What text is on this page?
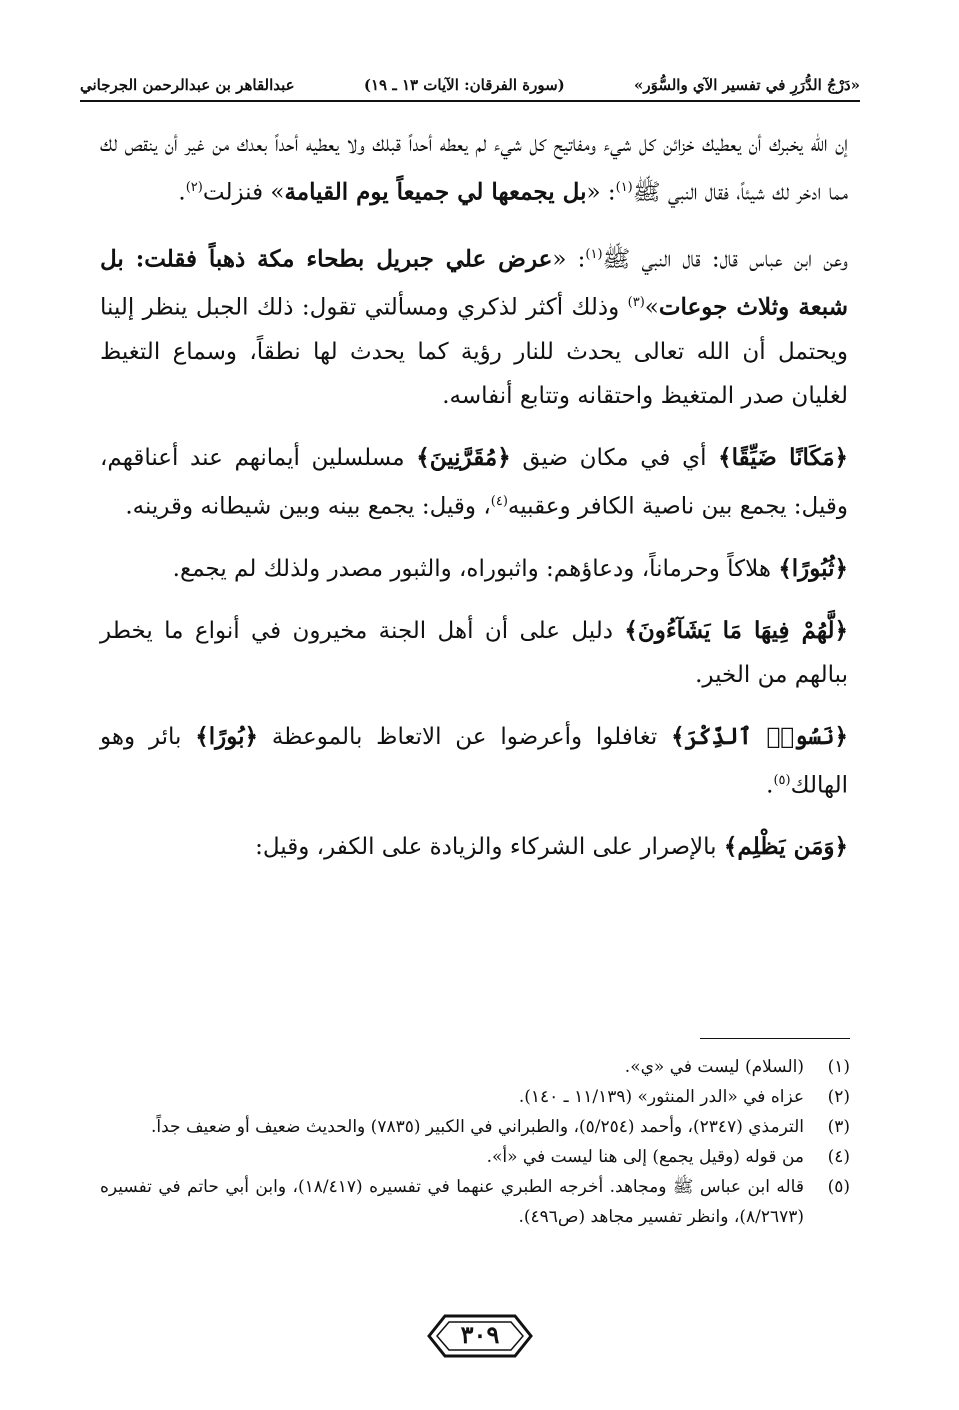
«دَرْجُ الدُّرَرِ في تفسير الآي والسُّوَر»
(سورة الفرقان: الآيات ١٣ ـ ١٩)
عبدالقاهر بن عبدالرحمن الجرجاني

إن الله يخبرك أن يعطيك خزائن كل شيء ومفاتيح كل شيء لم يعطه أحداً قبلك ولا يعطيه أحداً بعدك من غير أن ينقص لك مما ادخر لك شيئاً، فقال النبي ﷺ$^{(١)}$: «بل يجمعها لي جميعاً يوم القيامة» فنزلت$^{(٢)}$.

وعن ابن عباس قال: قال النبي ﷺ$^{(١)}$: «عرض علي جبريل بطحاء مكة ذهباً فقلت: بل شبعة وثلاث جوعات»$^{(٣)}$ وذلك أكثر لذكري ومسألتي تقول: ذلك الجبل ينظر إلينا ويحتمل أن الله تعالى يحدث للنار رؤية كما يحدث لها نطقاً، وسماع التغيظ لغليان صدر المتغيظ واحتقانه وتتابع أنفاسه.

﴿مَكَانًا ضَيِّقًا﴾ أي في مكان ضيق ﴿مُقَرَّنِينَ﴾ مسلسلين أيمانهم عند أعناقهم، وقيل: يجمع بين ناصية الكافر وعقبيه$^{(٤)}$، وقيل: يجمع بينه وبين شيطانه وقرينه.

﴿ثُبُورًا﴾ هلاكاً وحرماناً، ودعاؤهم: واثبوراه، والثبور مصدر ولذلك لم يجمع.

﴿لَّهُمْ فِيهَا مَا يَشَآءُونَ﴾ دليل على أن أهل الجنة مخيرون في أنواع ما يخطر ببالهم من الخير.

﴿نَسُوا۟ ٱلذِّكْرَ﴾ تغافلوا وأعرضوا عن الاتعاظ بالموعظة ﴿بُورًا﴾ بائر وهو الهالك$^{(٥)}$.

﴿وَمَن يَظْلِم﴾ بالإصرار على الشركاء والزيادة على الكفر، وقيل:

(١)
(السلام) ليست في «ي».
(٢)
عزاه في «الدر المنثور» (١١/١٣٩ ـ ١٤٠).
(٣)
الترمذي (٢٣٤٧)، وأحمد (٥/٢٥٤)، والطبراني في الكبير (٧٨٣٥) والحديث ضعيف أو ضعيف جداً.
(٤)
من قوله (وقيل يجمع) إلى هنا ليست في «أ».
(٥)
قاله ابن عباس ﷺ ومجاهد. أخرجه الطبري عنهما في تفسيره (١٨/٤١٧)، وابن أبي حاتم في تفسيره (٨/٢٦٧٣)، وانظر تفسير مجاهد (ص٤٩٦).
٣٠٩
